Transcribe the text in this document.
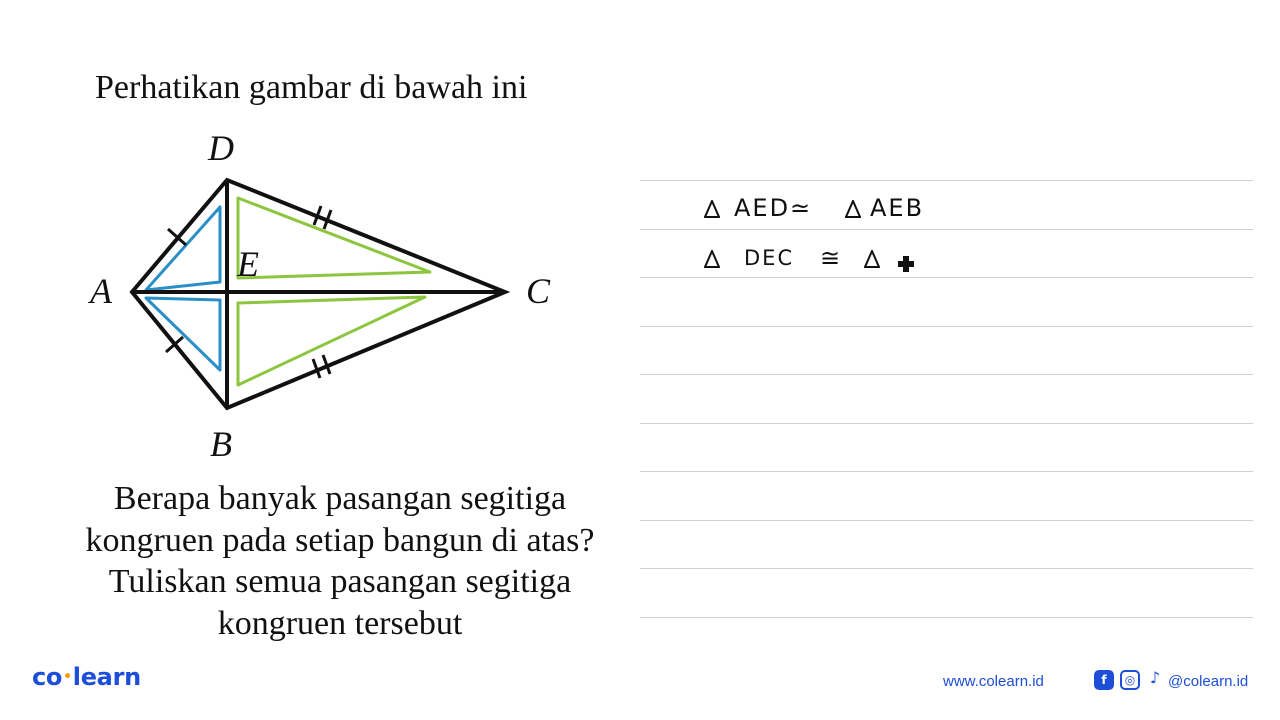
Perhatikan gambar di bawah ini
D
A
E
C
B
Berapa banyak pasangan segitiga kongruen pada setiap bangun di atas? Tuliskan semua pasangan segitiga kongruen tersebut
AED ≃ AEB
DEC ≅
co•learn	www.colearn.id	f	◎ ♪ @colearn.id
